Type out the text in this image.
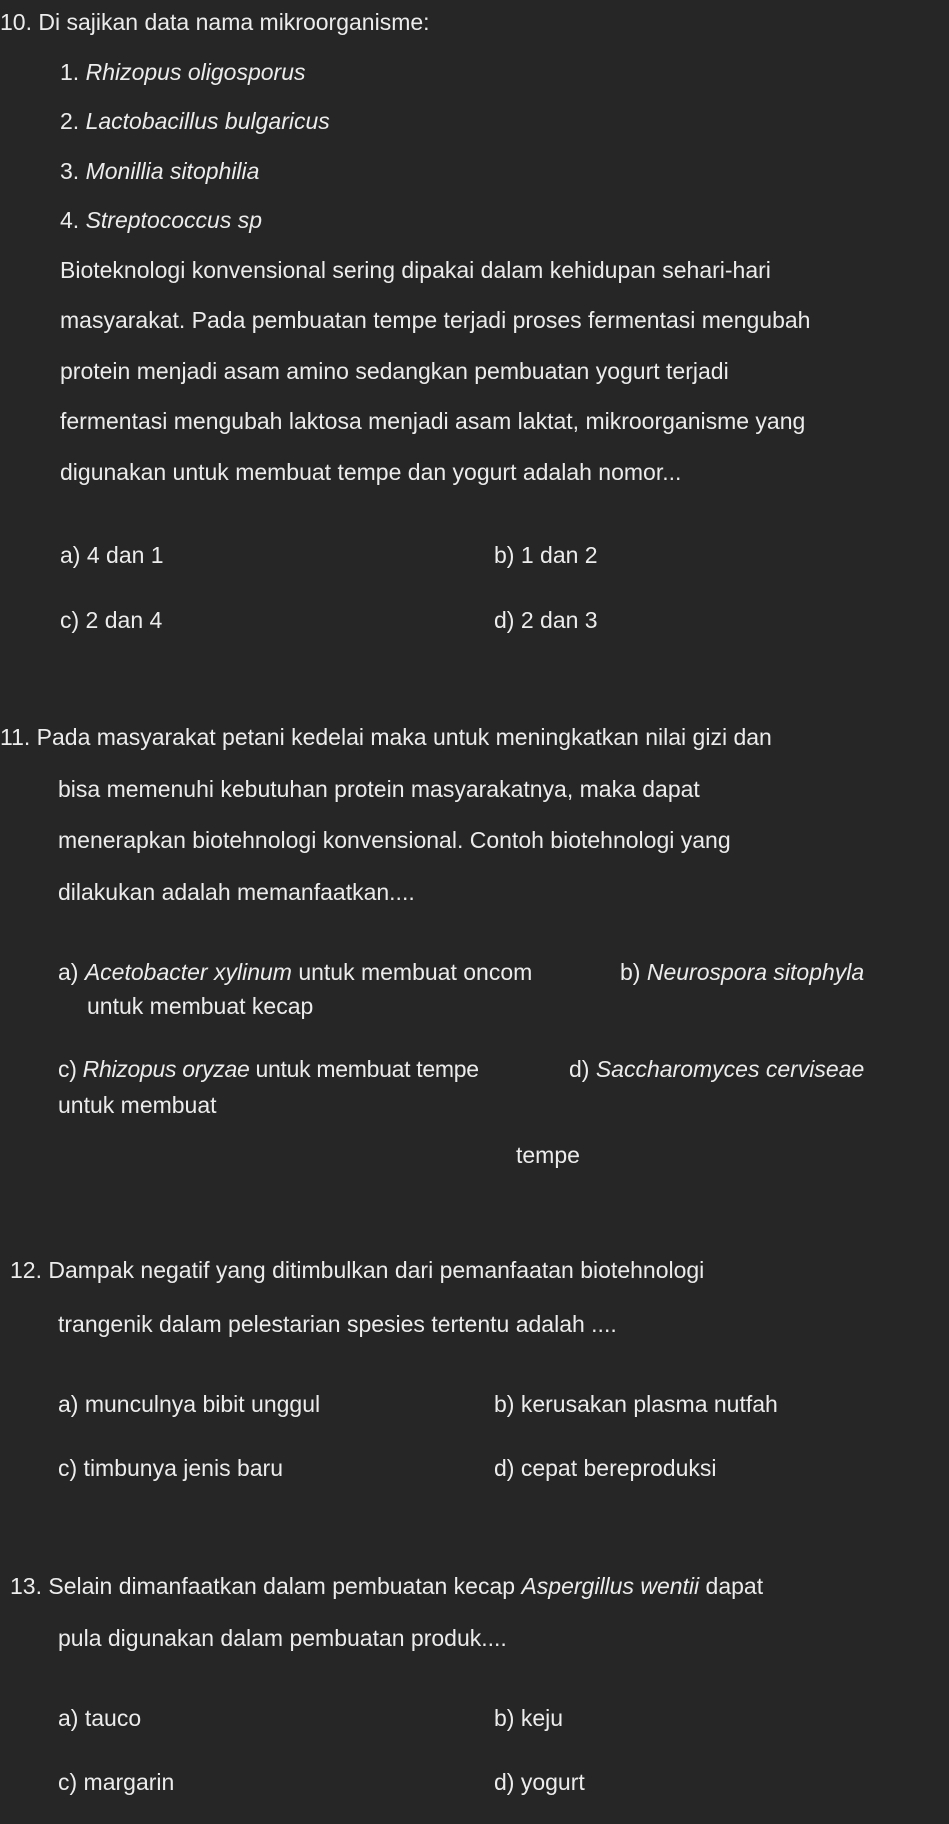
10. Di sajikan data nama mikroorganisme:
1. Rhizopus oligosporus
2. Lactobacillus bulgaricus
3. Monillia sitophilia
4. Streptococcus sp
Bioteknologi konvensional sering dipakai dalam kehidupan sehari-hari
masyarakat. Pada pembuatan tempe terjadi proses fermentasi mengubah
protein menjadi asam amino sedangkan pembuatan yogurt terjadi
fermentasi mengubah laktosa menjadi asam laktat, mikroorganisme yang
digunakan untuk membuat tempe dan yogurt adalah nomor...
a) 4 dan 1	b) 1 dan 2
c) 2 dan 4	d) 2 dan 3
11. Pada masyarakat petani kedelai maka untuk meningkatkan nilai gizi dan
bisa memenuhi kebutuhan protein masyarakatnya, maka dapat
menerapkan biotehnologi konvensional. Contoh biotehnologi yang
dilakukan adalah memanfaatkan....
a) Acetobacter xylinum untuk membuat oncom	b) Neurospora sitophyla
untuk membuat kecap
c) Rhizopus oryzae untuk membuat tempe	d) Saccharomyces cerviseae
untuk membuat
tempe
12. Dampak negatif yang ditimbulkan dari pemanfaatan biotehnologi
trangenik dalam pelestarian spesies tertentu adalah ....
a) munculnya bibit unggul	b) kerusakan plasma nutfah
c) timbunya jenis baru	d) cepat bereproduksi
13. Selain dimanfaatkan dalam pembuatan kecap Aspergillus wentii dapat
pula digunakan dalam pembuatan produk....
a) tauco	b) keju
c) margarin	d) yogurt
